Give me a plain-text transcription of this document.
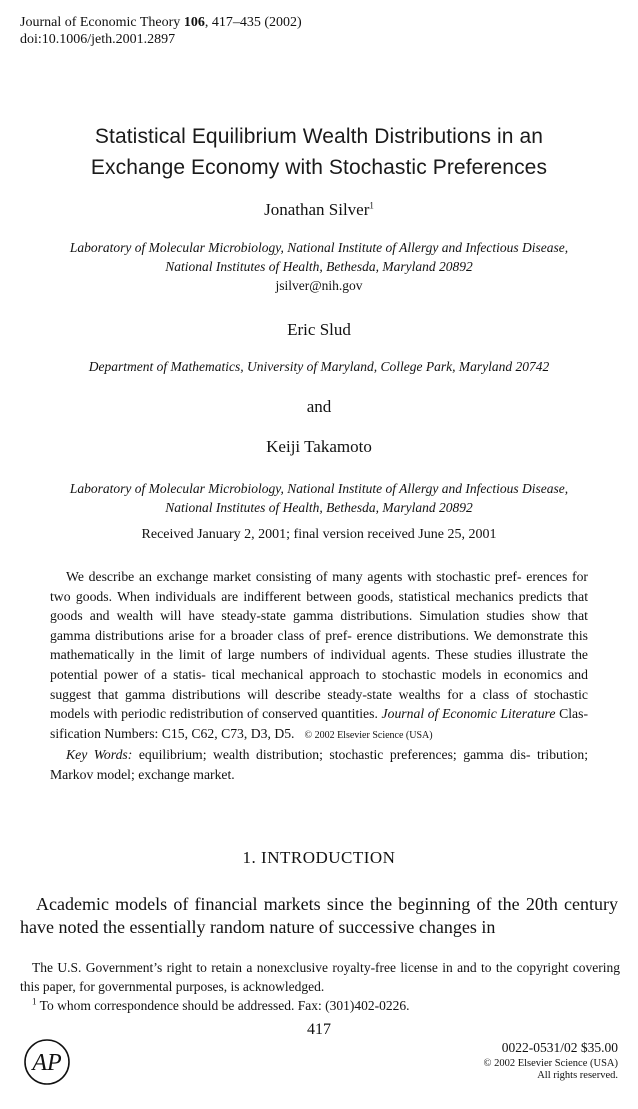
Journal of Economic Theory 106, 417–435 (2002)
doi:10.1006/jeth.2001.2897
Statistical Equilibrium Wealth Distributions in an
Exchange Economy with Stochastic Preferences
Jonathan Silver$^1$
Laboratory of Molecular Microbiology, National Institute of Allergy and Infectious Disease,
National Institutes of Health, Bethesda, Maryland 20892
jsilver@nih.gov
Eric Slud
Department of Mathematics, University of Maryland, College Park, Maryland 20742
and
Keiji Takamoto
Laboratory of Molecular Microbiology, National Institute of Allergy and Infectious Disease,
National Institutes of Health, Bethesda, Maryland 20892
Received January 2, 2001; final version received June 25, 2001

We describe an exchange market consisting of many agents with stochastic pref- erences for two goods. When individuals are indifferent between goods, statistical mechanics predicts that goods and wealth will have steady-state gamma distributions. Simulation studies show that gamma distributions arise for a broader class of pref- erence distributions. We demonstrate this mathematically in the limit of large numbers of individual agents. These studies illustrate the potential power of a statis- tical mechanical approach to stochastic models in economics and suggest that gamma distributions will describe steady-state wealths for a class of stochastic models with periodic redistribution of conserved quantities. Journal of Economic Literature Clas- sification Numbers: C15, C62, C73, D3, D5. © 2002 Elsevier Science (USA)

Key Words: equilibrium; wealth distribution; stochastic preferences; gamma dis- tribution; Markov model; exchange market.

1. INTRODUCTION

Academic models of financial markets since the beginning of the 20th century have noted the essentially random nature of successive changes in

The U.S. Government’s right to retain a nonexclusive royalty-free license in and to the copyright covering this paper, for governmental purposes, is acknowledged.

$^1$ To whom correspondence should be addressed. Fax: (301)402-0226.

417
AP
0022-0531/02 $35.00
© 2002 Elsevier Science (USA)
All rights reserved.
